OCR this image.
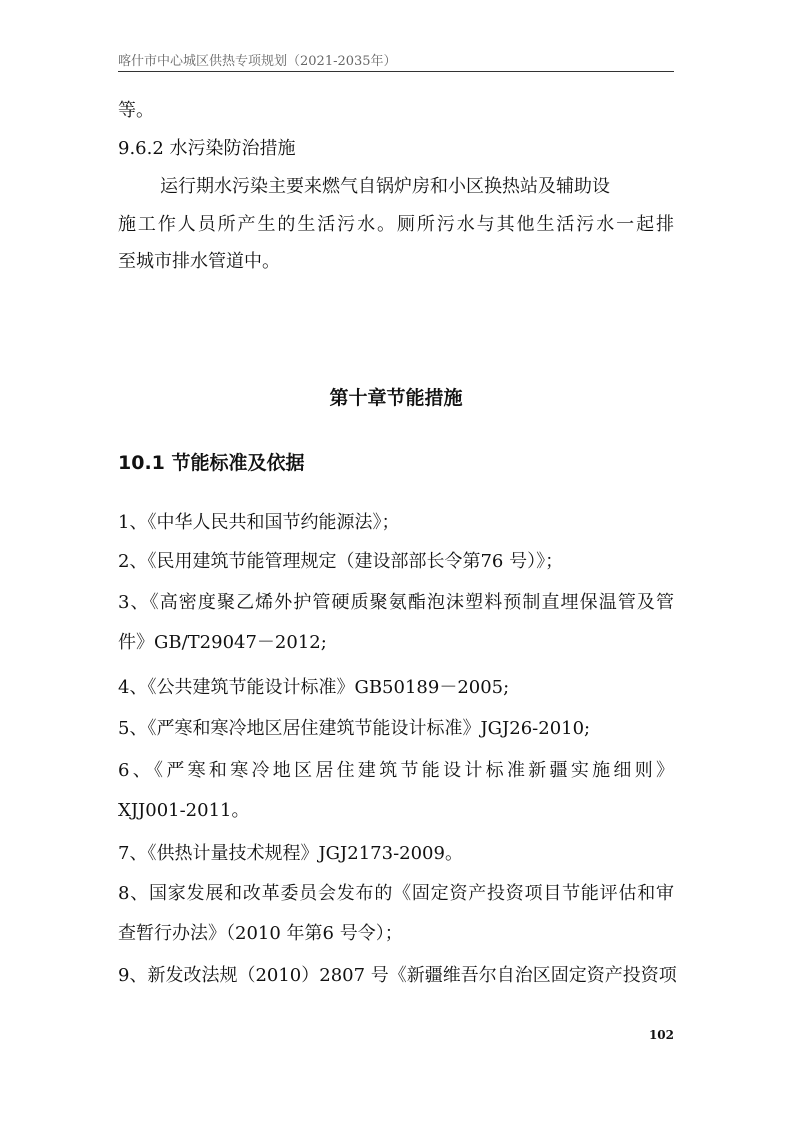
喀什市中心城区供热专项规划（2021-2035年）
等。
9.6.2 水污染防治措施
运行期水污染主要来燃气自锅炉房和小区换热站及辅助设
施工作人员所产生的生活污水。厕所污水与其他生活污水一起排
至城市排水管道中。
第十章节能措施
10.1 节能标准及依据
1、《中华人民共和国节约能源法》；
2、《民用建筑节能管理规定（建设部部长令第76 号）》；
3、《高密度聚乙烯外护管硬质聚氨酯泡沫塑料预制直埋保温管及管
件》GB/T29047－2012;
4、《公共建筑节能设计标准》GB50189－2005;
5、《严寒和寒冷地区居住建筑节能设计标准》JGJ26-2010;
6、《严寒和寒冷地区居住建筑节能设计标准新疆实施细则》
XJJ001-2011。
7、《供热计量技术规程》JGJ2173-2009。
8、国家发展和改革委员会发布的《固定资产投资项目节能评估和审
查暂行办法》（2010 年第6 号令）；
9、新发改法规（2010）2807 号《新疆维吾尔自治区固定资产投资项
102
